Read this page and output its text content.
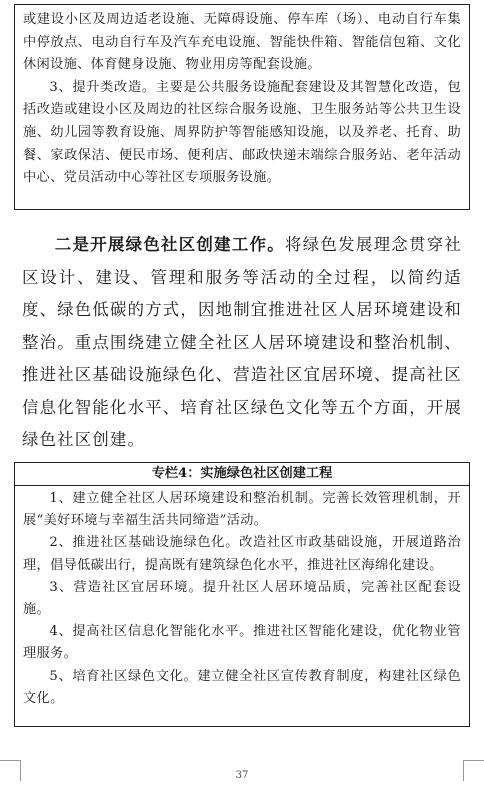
或建设小区及周边适老设施、无障碍设施、停车库（场）、电动自行车集中停放点、电动自行车及汽车充电设施、智能快件箱、智能信包箱、文化休闲设施、体育健身设施、物业用房等配套设施。

3、提升类改造。主要是公共服务设施配套建设及其智慧化改造，包括改造或建设小区及周边的社区综合服务设施、卫生服务站等公共卫生设施、幼儿园等教育设施、周界防护等智能感知设施，以及养老、托育、助餐、家政保洁、便民市场、便利店、邮政快递末端综合服务站、老年活动中心、党员活动中心等社区专项服务设施。

二是开展绿色社区创建工作。将绿色发展理念贯穿社区设计、建设、管理和服务等活动的全过程，以简约适度、绿色低碳的方式，因地制宜推进社区人居环境建设和整治。重点围绕建立健全社区人居环境建设和整治机制、推进社区基础设施绿色化、营造社区宜居环境、提高社区信息化智能化水平、培育社区绿色文化等五个方面，开展绿色社区创建。

专栏4：实施绿色社区创建工程

1、建立健全社区人居环境建设和整治机制。完善长效管理机制，开展“美好环境与幸福生活共同缔造”活动。

2、推进社区基础设施绿色化。改造社区市政基础设施，开展道路治理，倡导低碳出行，提高既有建筑绿色化水平，推进社区海绵化建设。

3、营造社区宜居环境。提升社区人居环境品质，完善社区配套设施。

4、提高社区信息化智能化水平。推进社区智能化建设，优化物业管理服务。

5、培育社区绿色文化。建立健全社区宣传教育制度，构建社区绿色文化。

37
